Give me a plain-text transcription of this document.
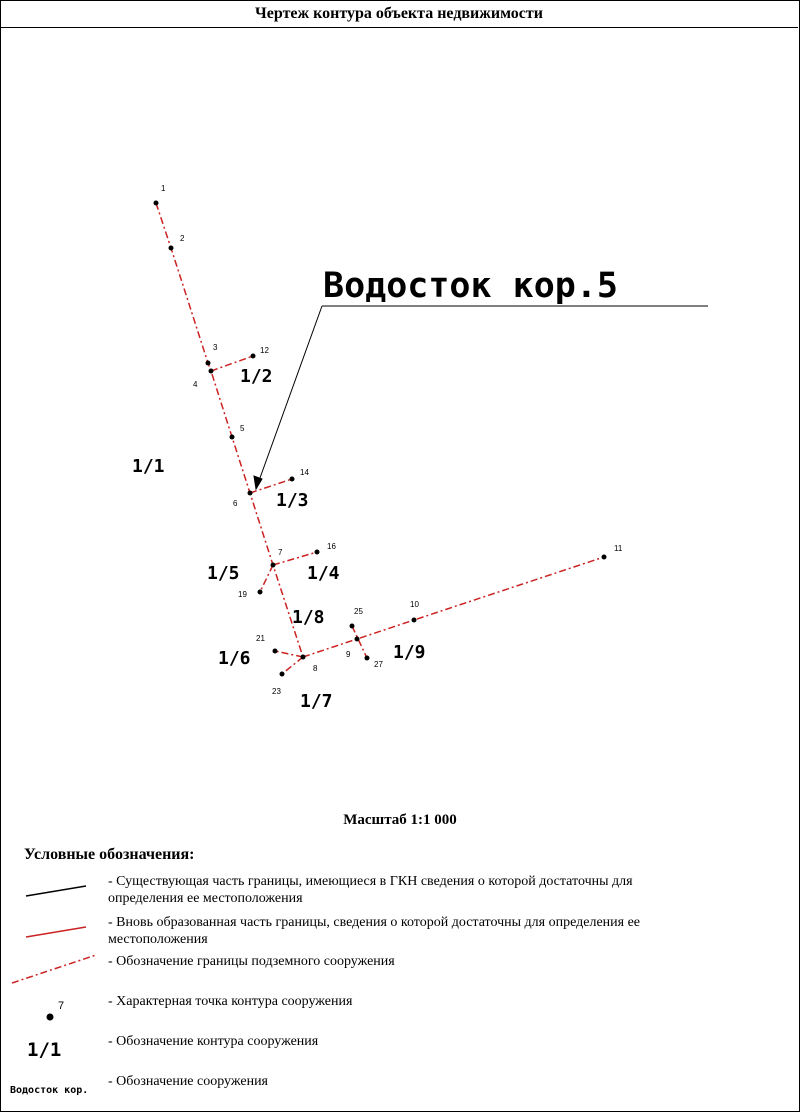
Чертеж контура объекта недвижимости
1
2
3	12
4
5
14
6
7
16
19
25
10
11
21
8
9
27
23
1/1
1/2
1/3
1/4
1/5
1/6
1/7
1/8
1/9
Водосток кор.5
7
1/1
Водосток кор.
Масштаб 1:1 000
Условные обозначения:
- Существующая часть границы, имеющиеся в ГКН сведения о которой достаточны для определения ее местоположения
- Вновь образованная часть границы, сведения о которой достаточны для определения ее местоположения
- Обозначение границы подземного сооружения
- Характерная точка контура сооружения
- Обозначение контура сооружения
- Обозначение сооружения
